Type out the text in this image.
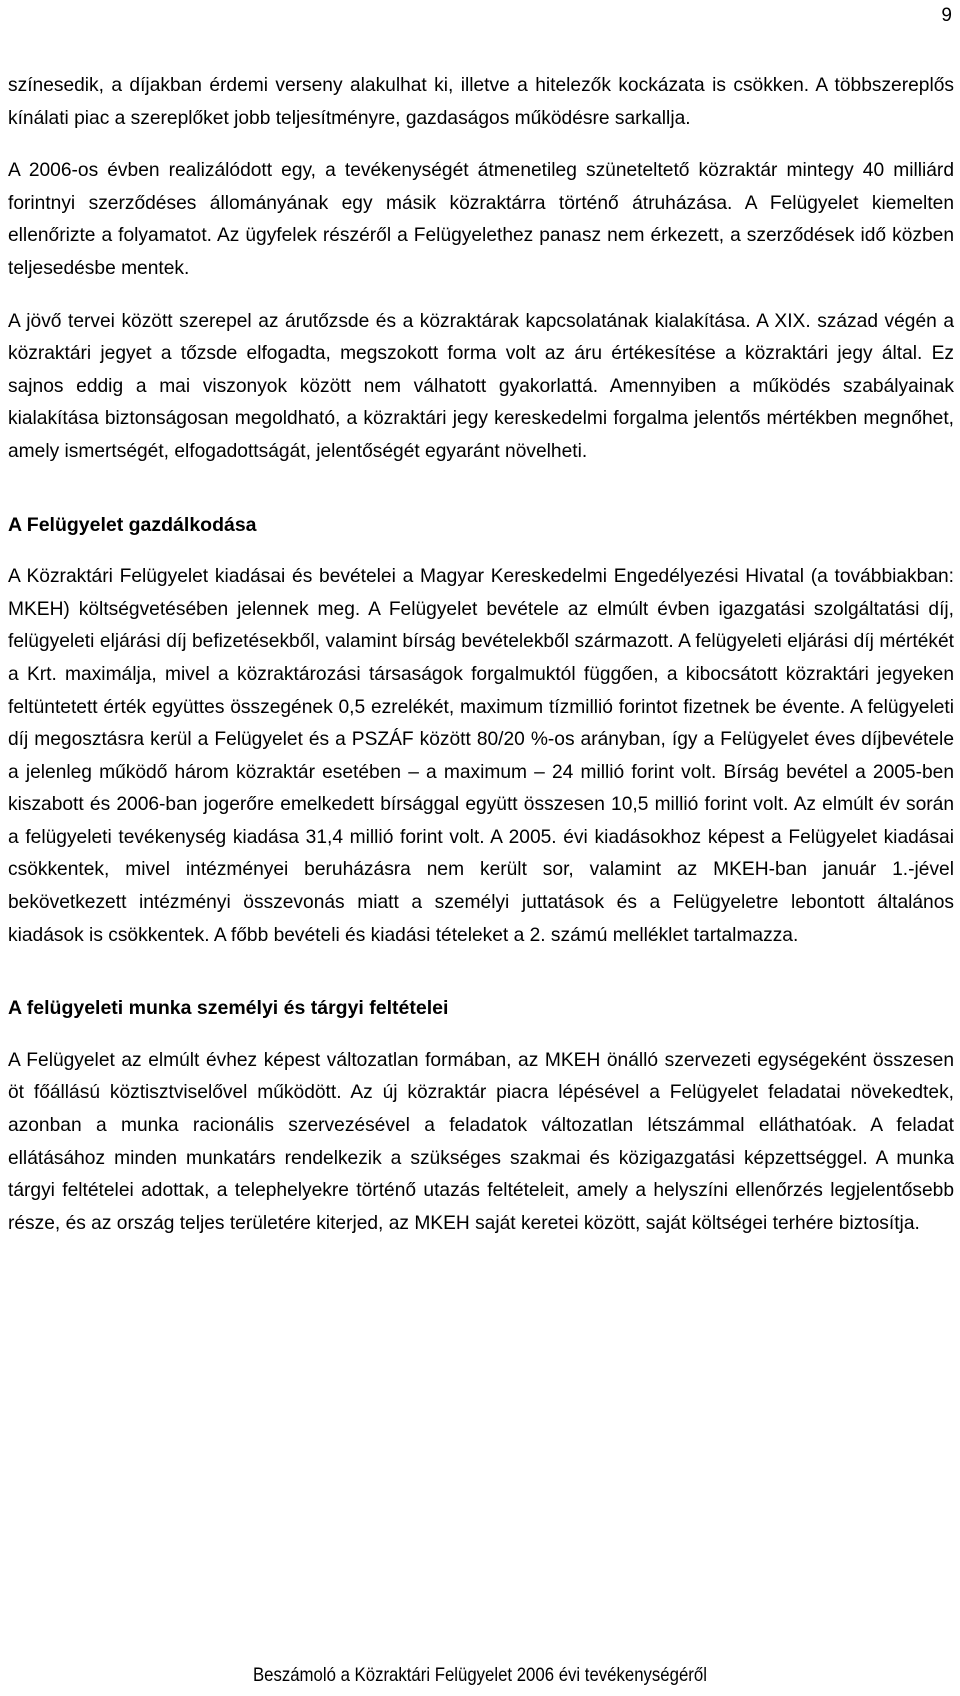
9

színesedik, a díjakban érdemi verseny alakulhat ki, illetve a hitelezők kockázata is csökken. A többszereplős kínálati piac a szereplőket jobb teljesítményre, gazdaságos működésre sarkallja.

A 2006-os évben realizálódott egy, a tevékenységét átmenetileg szüneteltető közraktár mintegy 40 milliárd forintnyi szerződéses állományának egy másik közraktárra történő átruházása. A Felügyelet kiemelten ellenőrizte a folyamatot. Az ügyfelek részéről a Felügyelethez panasz nem érkezett, a szerződések idő közben teljesedésbe mentek.

A jövő tervei között szerepel az árutőzsde és a közraktárak kapcsolatának kialakítása. A XIX. század végén a közraktári jegyet a tőzsde elfogadta, megszokott forma volt az áru értékesítése a közraktári jegy által. Ez sajnos eddig a mai viszonyok között nem válhatott gyakorlattá. Amennyiben a működés szabályainak kialakítása biztonságosan megoldható, a közraktári jegy kereskedelmi forgalma jelentős mértékben megnőhet, amely ismertségét, elfogadottságát, jelentőségét egyaránt növelheti.

A Felügyelet gazdálkodása

A Közraktári Felügyelet kiadásai és bevételei a Magyar Kereskedelmi Engedélyezési Hivatal (a továbbiakban: MKEH) költségvetésében jelennek meg. A Felügyelet bevétele az elmúlt évben igazgatási szolgáltatási díj, felügyeleti eljárási díj befizetésekből, valamint bírság bevételekből származott. A felügyeleti eljárási díj mértékét a Krt. maximálja, mivel a közraktározási társaságok forgalmuktól függően, a kibocsátott közraktári jegyeken feltüntetett érték együttes összegének 0,5 ezrelékét, maximum tízmillió forintot fizetnek be évente. A felügyeleti díj megosztásra kerül a Felügyelet és a PSZÁF között 80/20 %-os arányban, így a Felügyelet éves díjbevétele a jelenleg működő három közraktár esetében – a maximum – 24 millió forint volt. Bírság bevétel a 2005-ben kiszabott és 2006-ban jogerőre emelkedett bírsággal együtt összesen 10,5 millió forint volt. Az elmúlt év során a felügyeleti tevékenység kiadása 31,4 millió forint volt. A 2005. évi kiadásokhoz képest a Felügyelet kiadásai csökkentek, mivel intézményei beruházásra nem került sor, valamint az MKEH-ban január 1.-jével bekövetkezett intézményi összevonás miatt a személyi juttatások és a Felügyeletre lebontott általános kiadások is csökkentek. A főbb bevételi és kiadási tételeket a 2. számú melléklet tartalmazza.

A felügyeleti munka személyi és tárgyi feltételei

A Felügyelet az elmúlt évhez képest változatlan formában, az MKEH önálló szervezeti egységeként összesen öt főállású köztisztviselővel működött. Az új közraktár piacra lépésével a Felügyelet feladatai növekedtek, azonban a munka racionális szervezésével a feladatok változatlan létszámmal elláthatóak. A feladat ellátásához minden munkatárs rendelkezik a szükséges szakmai és közigazgatási képzettséggel. A munka tárgyi feltételei adottak, a telephelyekre történő utazás feltételeit, amely a helyszíni ellenőrzés legjelentősebb része, és az ország teljes területére kiterjed, az MKEH saját keretei között, saját költségei terhére biztosítja.

Beszámoló a Közraktári Felügyelet 2006 évi tevékenységéről
